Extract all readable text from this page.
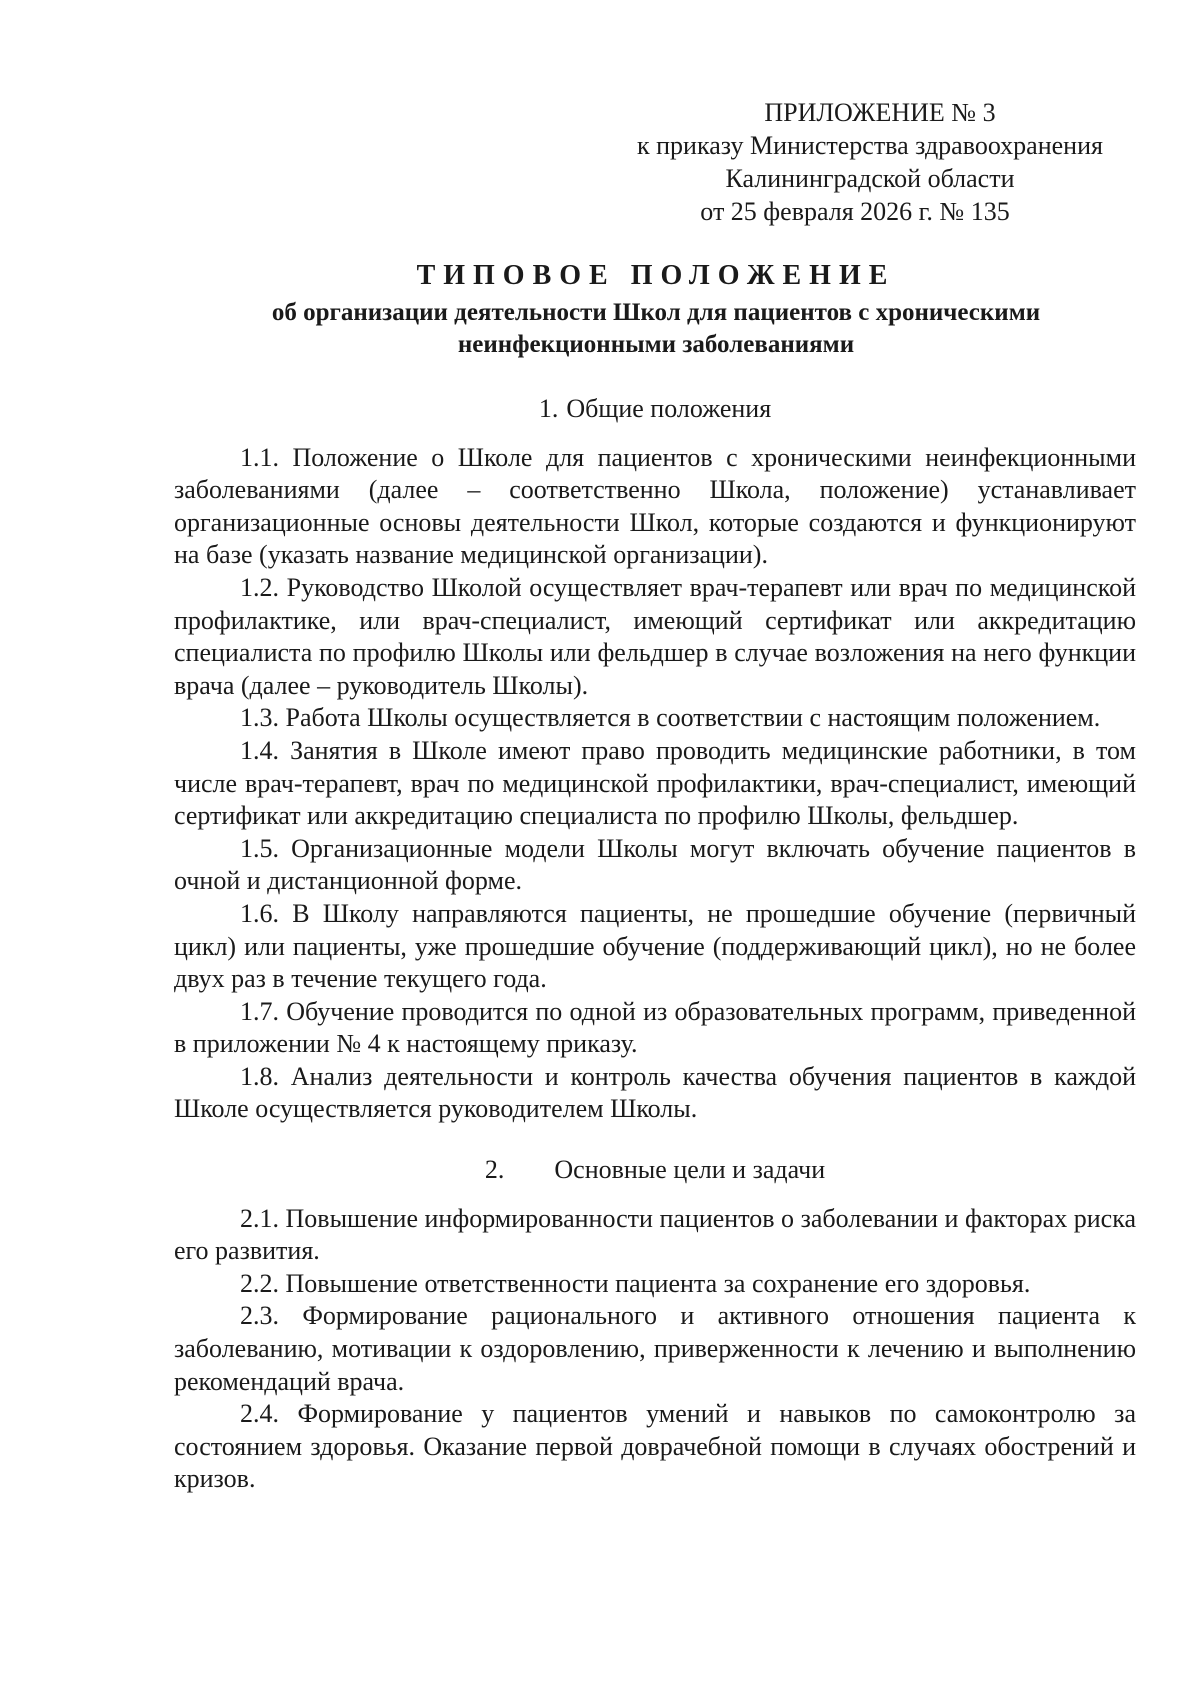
ПРИЛОЖЕНИЕ № 3
к приказу Министерства здравоохранения
Калининградской области
от 25 февраля 2026 г. № 135
ТИПОВОЕ ПОЛОЖЕНИЕ
об организации деятельности Школ для пациентов с хроническими
неинфекционными заболеваниями

1. Общие положения

1.1. Положение о Школе для пациентов с хроническими неинфекционными заболеваниями (далее – соответственно Школа, положение) устанавливает организационные основы деятельности Школ, которые создаются и функционируют на базе (указать название медицинской организации).

1.2. Руководство Школой осуществляет врач-терапевт или врач по медицинской профилактике, или врач-специалист, имеющий сертификат или аккредитацию специалиста по профилю Школы или фельдшер в случае возложения на него функции врача (далее – руководитель Школы).

1.3. Работа Школы осуществляется в соответствии с настоящим положением.

1.4. Занятия в Школе имеют право проводить медицинские работники, в том числе врач-терапевт, врач по медицинской профилактики, врач-специалист, имеющий сертификат или аккредитацию специалиста по профилю Школы, фельдшер.

1.5. Организационные модели Школы могут включать обучение пациентов в очной и дистанционной форме.

1.6. В Школу направляются пациенты, не прошедшие обучение (первичный цикл) или пациенты, уже прошедшие обучение (поддерживающий цикл), но не более двух раз в течение текущего года.

1.7. Обучение проводится по одной из образовательных программ, приведенной в приложении № 4 к настоящему приказу.

1.8. Анализ деятельности и контроль качества обучения пациентов в каждой Школе осуществляется руководителем Школы.

2. Основные цели и задачи

2.1. Повышение информированности пациентов о заболевании и факторах риска его развития.

2.2. Повышение ответственности пациента за сохранение его здоровья.

2.3. Формирование рационального и активного отношения пациента к заболеванию, мотивации к оздоровлению, приверженности к лечению и выполнению рекомендаций врача.

2.4. Формирование у пациентов умений и навыков по самоконтролю за состоянием здоровья. Оказание первой доврачебной помощи в случаях обострений и кризов.
